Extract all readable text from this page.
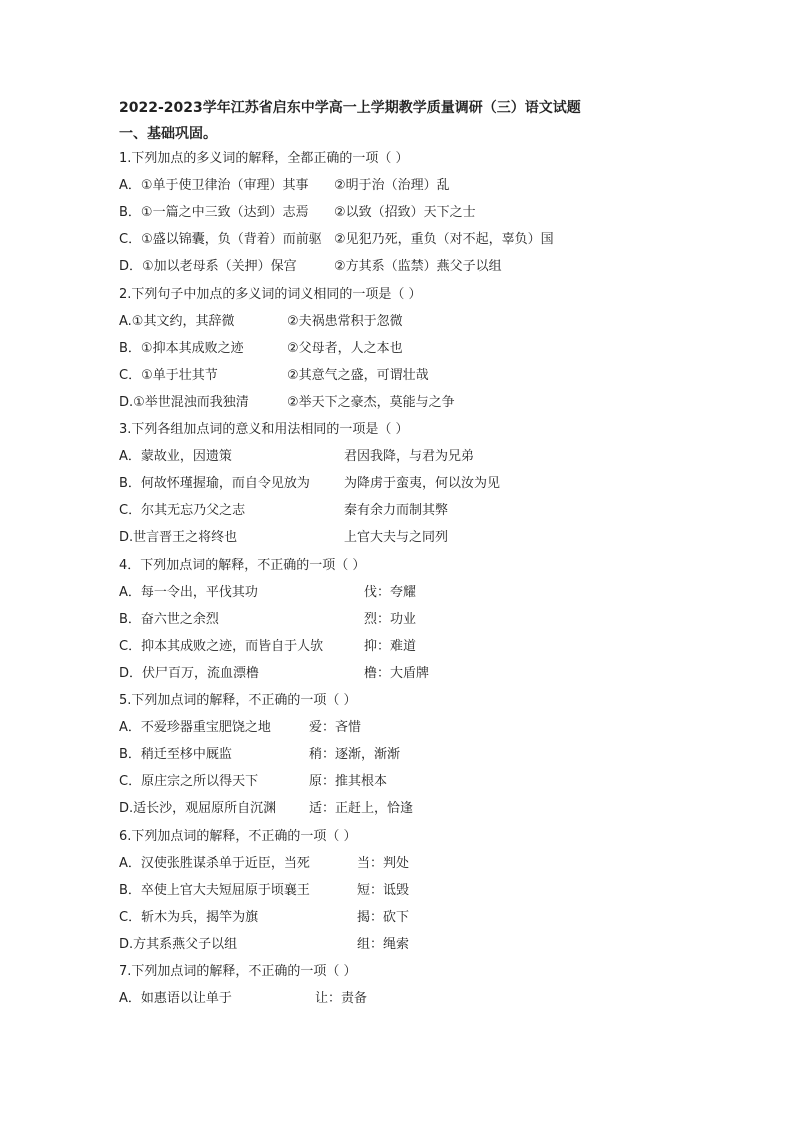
2022-2023学年江苏省启东中学高一上学期教学质量调研（三）语文试题
一、基础巩固。
1.下列加点的多义词的解释，全都正确的一项（ ）
A．①单于使卫律治（审理）其事 ②明于治（治理）乱
B．①一篇之中三致（达到）志焉 ②以致（招致）天下之士
C．①盛以锦囊，负（背着）而前驱 ②见犯乃死，重负（对不起，辜负）国
D．①加以老母系（关押）保宫	②方其系（监禁）燕父子以组
2.下列句子中加点的多义词的词义相同的一项是（ ）
A.①其文约，其辞微	②夫祸患常积于忽微
B．①抑本其成败之迹	②父母者，人之本也
C．①单于壮其节	②其意气之盛，可谓壮哉
D.①举世混浊而我独清	②举天下之豪杰，莫能与之争
3.下列各组加点词的意义和用法相同的一项是（ ）
A．蒙故业，因遗策	君因我降，与君为兄弟
B．何故怀瑾握瑜，而自令见放为	为降虏于蛮夷，何以汝为见
C．尔其无忘乃父之志	秦有余力而制其弊
D.世言晋王之将终也	上官大夫与之同列
4．下列加点词的解释，不正确的一项（ ）
A．每一令出，平伐其功	伐：夸耀
B．奋六世之余烈	烈：功业
C．抑本其成败之迹，而皆自于人欤	抑：难道
D．伏尸百万，流血漂橹	橹：大盾牌
5.下列加点词的解释，不正确的一项（ ）
A．不爱珍器重宝肥饶之地	爱：吝惜
B．稍迁至栘中厩监	稍：逐渐，渐渐
C．原庄宗之所以得天下	原：推其根本
D.适长沙，观屈原所自沉渊	适：正赶上，恰逢
6.下列加点词的解释，不正确的一项（ ）
A．汉使张胜谋杀单于近臣，当死	当：判处
B．卒使上官大夫短屈原于顷襄王	短：诋毁
C．斩木为兵，揭竿为旗	揭：砍下
D.方其系燕父子以组	组：绳索
7.下列加点词的解释，不正确的一项（ ）
A．如惠语以让单于	让：责备
